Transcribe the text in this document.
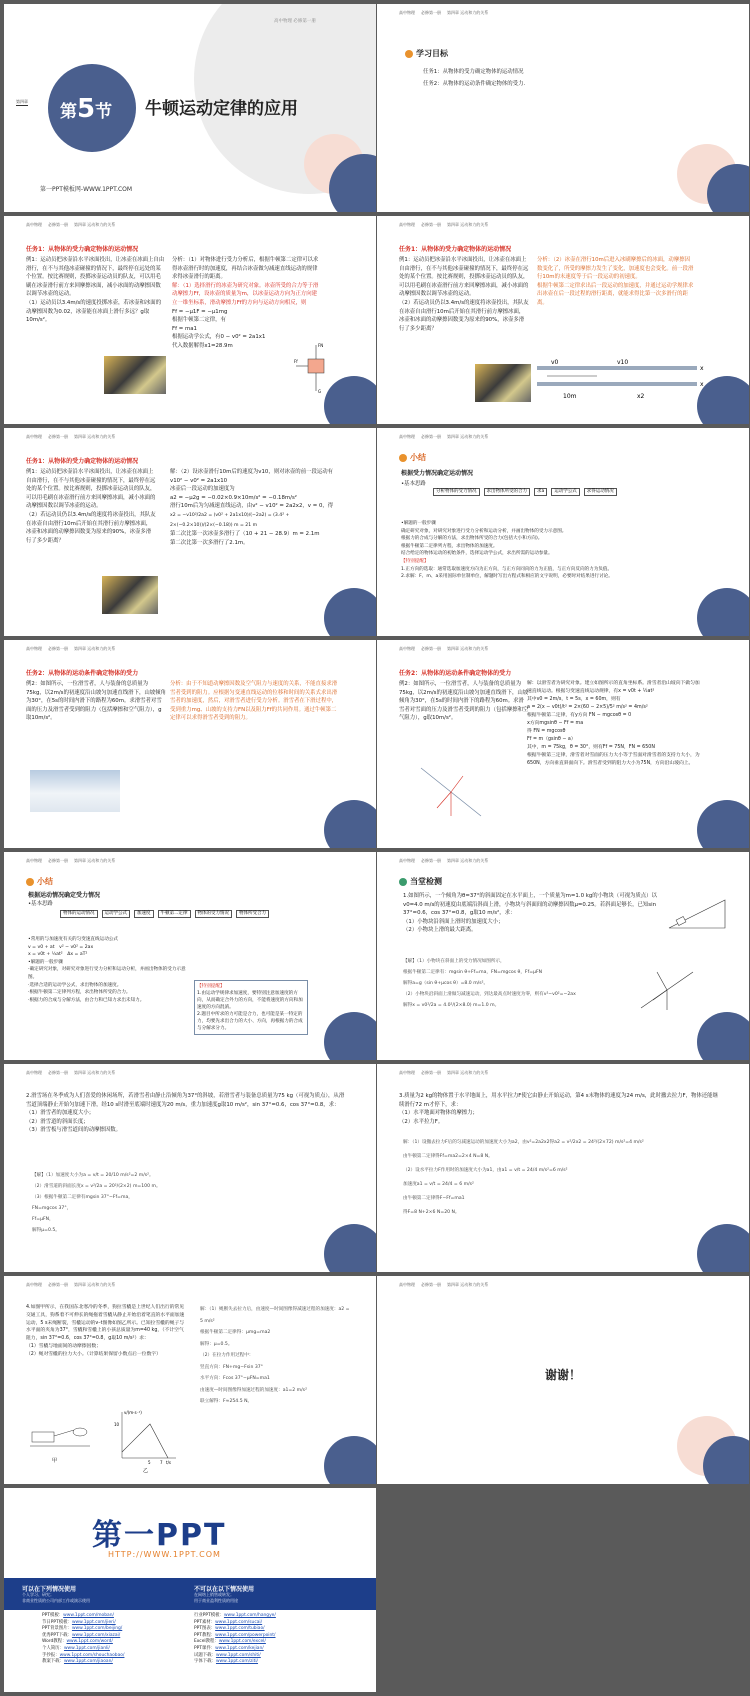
高中物理 必修第一册
第四章
第5节 牛顿运动定律的应用
第一PPT模板网-WWW.1PPT.COM
高中物理 必修第一册 第四章 运动和力的关系
学习目标
任务1：从物体的受力确定物体的运动情况
任务2：从物体的运动条件确定物体的受力.
高中物理 必修第一册 第四章 运动和力的关系
任务1：从物体的受力确定物体的运动情况
例1：运动员把冰壶沿水平冰面投出，让冰壶在冰面上自由滑行，在不与其他冰壶碰撞的情况下，最终停在远处的某个位置。按比赛规则，投掷冰壶运动员的队友，可以用毛刷在冰壶滑行前方来回摩擦冰面，减小冰面的动摩擦因数以调节冰壶的运动。
（1）运动员以3.4m/s的速度投掷冰壶，若冰壶和冰面的动摩擦因数为0.02，冰壶能在冰面上滑行多远？g取10m/s²。
分析：（1）对物体进行受力分析后，根据牛顿第二定律可以求得冰壶滑行时的加速度，再结合冰壶做匀减速直线运动的规律求得冰壶滑行的距离。
解：（1）选择滑行的冰壶为研究对象。冰壶所受的合力等于滑动摩擦力Ff，设冰壶的质量为m，以冰壶运动方向为正方向建立一维坐标系，滑动摩擦力Ff的方向与运动方向相反，则
Ff = −μ1F = −μ1mg
根据牛顿第二定律，有
Ff = ma1
根据运动学公式，有0 − v0² = 2a1x1
代入数据解得x1=28.9m	FN
G
Ff
高中物理 必修第一册 第四章 运动和力的关系
任务1：从物体的受力确定物体的运动情况
例1：运动员把冰壶沿水平冰面投出，让冰壶在冰面上自由滑行，在不与其他冰壶碰撞的情况下，最终停在远处的某个位置。按比赛规则，投掷冰壶运动员的队友，可以用毛刷在冰壶滑行前方来回摩擦冰面，减小冰面的动摩擦因数以调节冰壶的运动。
（2）若运动员仍以3.4m/s的速度将冰壶投出，其队友在冰壶自由滑行10m后开始在其滑行前方摩擦冰面，冰壶和冰面的动摩擦因数变为原来的90%，冰壶多滑行了多少距离？
分析：（2）冰壶在滑行10m后进入冰刷摩擦后的冰面，动摩擦因数变化了，所受的摩擦力发生了变化，加速度也会变化。前一段滑行10m的末速度等于后一段运动的初速度。
根据牛顿第二定律求出后一段运动的加速度，并通过运动学规律求出冰壶在后一段过程的滑行距离，就能求得比第一次多滑行的距离。
v0	v10
x
x
10m	x2
高中物理 必修第一册 第四章 运动和力的关系
任务1：从物体的受力确定物体的运动情况
例1：运动员把冰壶沿水平冰面投出，让冰壶在冰面上自由滑行，在不与其他冰壶碰撞的情况下，最终停在远处的某个位置。按比赛规则，投掷冰壶运动员的队友，可以用毛刷在冰壶滑行前方来回摩擦冰面，减小冰面的动摩擦因数以调节冰壶的运动。
（2）若运动员仍以3.4m/s的速度将冰壶投出，其队友在冰壶自由滑行10m后开始在其滑行前方摩擦冰面，冰壶和冰面的动摩擦因数变为原来的90%，冰壶多滑行了多少距离？
解：（2）设冰壶滑行10m后的速度为v10，则对冰壶的前一段运动有v10² − v0² = 2a1x10
冰壶后一段运动的加速度为
a2 = −μ2g = −0.02×0.9×10m/s² = −0.18m/s²
滑行10m后为匀减速直线运动，由v² − v10² = 2a2x2，v = 0，得
x2 = −v10²/2a2 = (v0² + 2a1x10)/(−2a2) = (3.4² + 2×(−0.2×10))/(2×(−0.18)) m = 21 m
第二次比第一次冰壶多滑行了（10 + 21 − 28.9）m = 2.1m
第二次比第一次多滑行了2.1m。
高中物理 必修第一册 第四章 运动和力的关系
小结
根据受力情况确定运动情况
•基本思路
分析物体的受力情况	求出物体所受的合力	求a	运动学公式	求得运动情况
•解题的一般步骤
确定研究对象，对研究对象进行受力分析和运动分析，并画出物体的受力示意图。
根据力的合成与分解的方法，求出物体所受的合力(包括大小和方向)。
根据牛顿第二定律列方程，求出物体的加速度。
结合给定的物体运动的初始条件，选择运动学公式，求出所需的运动参量。
【特别提醒】
1.正方向的选取：通常选取加速度方向为正方向，与正方向同向的力为正值，与正方向反向的力为负值。
2.求解：F、m、a采用国际单位制单位，解题时写出方程式和相应的文字说明，必要时对结果进行讨论。
高中物理 必修第一册 第四章 运动和力的关系
任务2：从物体的运动条件确定物体的受力
例2：如图所示，一位滑雪者，人与装备的总质量为75kg，以2m/s的初速度沿山坡匀加速直线滑下，山坡倾角为30°，在5s的时间内滑下的路程为60m。求滑雪者对雪面的压力及滑雪者受到的阻力（包括摩擦和空气阻力），g取10m/s²。
分析：由于不知道动摩擦因数及空气阻力与速度的关系，不能直接求滑雪者受到的阻力。应根据匀变速直线运动的位移和时间的关系式求出滑雪者的加速度，然后，对滑雪者进行受力分析。滑雪者在下滑过程中，受到重力mg、山坡的支持力FN以及阻力Ff的共同作用。通过牛顿第二定律可以求得滑雪者受到的阻力。
高中物理 必修第一册 第四章 运动和力的关系
任务2：从物体的运动条件确定物体的受力
例2：如图所示，一位滑雪者，人与装备的总质量为75kg，以2m/s的初速度沿山坡匀加速直线滑下，山坡倾角为30°，在5s的时间内滑下的路程为60m。求滑雪者对雪面的压力及滑雪者受到的阻力（包括摩擦和空气阻力），g取10m/s²。
解：以滑雪者为研究对象。建立如图所示的直角坐标系。滑雪者沿山坡向下做匀加速直线运动。根据匀变速直线运动规律，有x = v0t + ½at²
其中v0 = 2m/s，t = 5s，x = 60m，则有
a = 2(x − v0t)/t² = 2×(60 − 2×5)/5² m/s² = 4m/s²
根据牛顿第二定律，有y方向 FN − mgcosθ = 0
x方向mgsinθ − Ff = ma
得 FN = mgcosθ
Ff = m（gsinθ − a）
其中，m = 75kg，θ = 30°，则有Ff = 75N，FN = 650N
根据牛顿第三定律，滑雪者对雪面的压力大小等于雪面对滑雪者的支持力大小，为650N，方向垂直斜面向下。滑雪者受到的阻力大小为75N，方向沿山坡向上。
高中物理 必修第一册 第四章 运动和力的关系
小结
根据运动情况确定受力情况
•基本思路
物体的运动情况	运动学公式	加速度	牛顿第二定律	物体的受力情况	物体所受合力
•常用的与加速度有关的匀变速直线运动公式
v = v0 + at　 v² − v0² = 2ax
x = v0t + ½at²　 Δx = aT²
•解题的一般步骤
·确定研究对象，对研究对象进行受力分析和运动分析，并画出物体的受力示意图。
·选择合适的运动学公式，求出物体的加速度。
·根据牛顿第二定律列方程，求出物体所受的合力。
·根据力的合成与分解方法，由合力和已知力求出未知力。
【特别提醒】
1.由运动学规律求加速度，要特别注意加速度的方向，从而确定合外力的方向，不能将速度的方向和加速度的方向混淆。
2.题目中所求的力可能是合力，也可能是某一特定的力，均要先求出合力的大小、方向，再根据力的合成与分解求分力。
高中物理 必修第一册 第四章 运动和力的关系
当堂检测
1.如图所示，一个倾角为θ=37°的斜面固定在水平面上，一个质量为m=1.0 kg的小物块（可视为质点）以v0=4.0 m/s的初速度由底端沿斜面上滑，小物块与斜面间的动摩擦因数μ=0.25。若斜面足够长，已知sin 37°=0.6，cos 37°=0.8，g取10 m/s²，求：
（1）小物块沿斜面上滑时的加速度大小；
（2）小物块上滑的最大距离。
【解】（1）小物块在斜面上的受力情况如图所示，
根据牛顿第二定律有：mgsin θ+Ff=ma，FN=mgcos θ，Ff=μFN
解得a=g（sin θ+μcos θ）=8.0 m/s²。
（2）小物块沿斜面上滑做匀减速运动，到达最高点时速度为零，则有v²−v0²=−2ax
解得x = v0²/2a = 4.0²/(2×8.0) m=1.0 m。
高中物理 必修第一册 第四章 运动和力的关系
2.滑雪场在冬季成为人们喜爱的休闲场所，若滑雪者由静止沿倾角为37°的斜坡，若滑雪者与装备总质量为75 kg（可视为质点），从滑雪道顶端静止开始匀加速下滑，经10 s时滑至底端时速度为20 m/s，重力加速度g取10 m/s²，sin 37°=0.6，cos 37°=0.8，求：
（1）滑雪者的加速度大小；
（2）滑雪道的斜面长度；
（3）滑雪板与滑雪道间的动摩擦因数。
【解】（1）加速度大小为a = v/t = 20/10 m/s²=2 m/s²。
（2）滑雪道的斜面长度x = v²/2a = 20²/(2×2) m=100 m。
（3）根据牛顿第二定律有mgsin 37°−Ff=ma，
FN=mgcos 37°，
Ff=μFN，
解得μ=0.5。
高中物理 必修第一册 第四章 运动和力的关系
3.质量为2 kg的物体置于水平地面上，用水平拉力F使它由静止开始运动，第4 s末物体的速度为24 m/s，此时撤去拉力F，物体还能继续滑行72 m才停下，求：
（1）水平地面对物体的摩擦力；
（2）水平拉力F。
解：（1）设撤去拉力F后的匀减速运动的加速度大小为a2，由v²=2a2x2得a2 = v²/2x2 = 24²/(2×72) m/s²=4 m/s²
由牛顿第二定律得Ff=ma2=2×4 N=8 N。
（2）设水平拉力F作用时的加速度大小为a1，由a1 = v/t = 24/4 m/s²=6 m/s²
加速度a1 = v/t = 24/4 = 6 m/s²
由牛顿第二定律得F−Ff=ma1
得F=8 N+2×6 N=20 N。
高中物理 必修第一册 第四章 运动和力的关系
4.如图甲所示，在我国东北寒冷的冬季，狗拉雪橇是上世纪人们出行的常见交通工具，狗系着不可伸长的绳拖着雪橇从静止开始沿着笔直的水平面加速运动，5 s末绳断裂，雪橇运动的v–t图像如图乙所示。已知拉雪橇的绳子与水平面的夹角为37°，雪橇和雪橇上的小孩总质量为m=40 kg，（不计空气阻力，sin 37°=0.6，cos 37°=0.8，g取10 m/s²）求：
（1）雪橇与地面间的动摩擦因数；
（2）绳对雪橇的拉力大小。（计算结果保留小数点后一位数字）
甲
v/(m·s⁻¹)
t/s
10
5 7
乙
解：（1）绳断失去拉力后，由速度—时间图像得减速过程的加速度：a2 = 5 m/s²
根据牛顿第二定律得：μmg=ma2
解得：μ=0.5。
（2）在拉力作用过程中：
竖直方向：FN+mg−Fsin 37°
水平方向：Fcos 37°−μFN=ma1
由速度—时间图像得加速过程的加速度：a1=2 m/s²
联立解得：F≈254.5 N。
高中物理 必修第一册 第四章 运动和力的关系
谢谢！
第一PPT
HTTP://WWW.1PPT.COM
可以在下列情况使用
个人学习、研究；
非商业性质的公司内部工作或演示使用
不可以在以下情况使用
在网络上销售或转发；
用于商业盈利性质的用途
PPT模板：www.1ppt.com/moban/
节日PPT模板：www.1ppt.com/jieri/
PPT背景图片：www.1ppt.com/beijing/
优秀PPT下载：www.1ppt.com/xiazai/
Word教程：www.1ppt.com/word/
个人简历：www.1ppt.com/jianli/
手抄报：www.1ppt.com/shouchaobao/
教案下载：www.1ppt.com/jiaoan/
行业PPT模板：www.1ppt.com/hangye/
PPT素材：www.1ppt.com/sucai/
PPT图表：www.1ppt.com/tubiao/
PPT教程：www.1ppt.com/powerpoint/
Excel教程：www.1ppt.com/excel/
PPT课件：www.1ppt.com/kejian/
试题下载：www.1ppt.com/shiti/
字体下载：www.1ppt.com/ziti/
